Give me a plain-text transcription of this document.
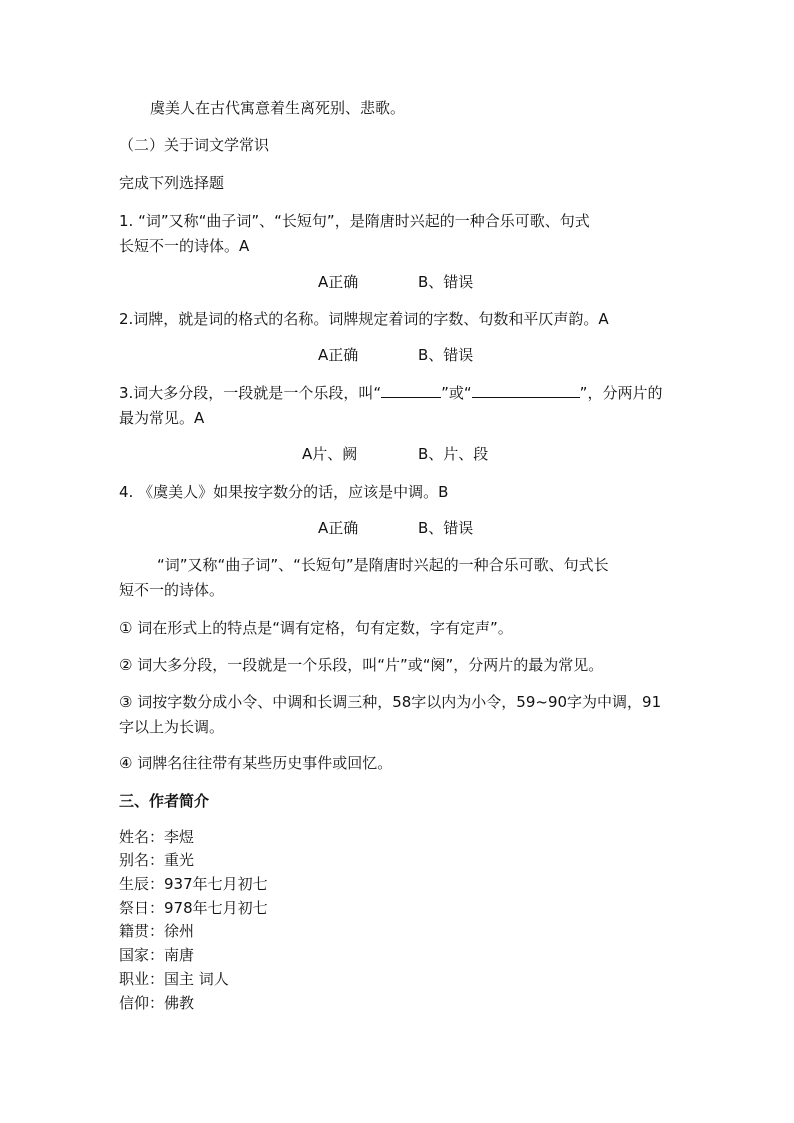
虞美人在古代寓意着生离死别、悲歌。
（二）关于词文学常识
完成下列选择题
1. “词”又称“曲子词”、“长短句”，是隋唐时兴起的一种合乐可歌、句式
长短不一的诗体。A
A正确	B、错误
2.词牌，就是词的格式的名称。词牌规定着词的字数、句数和平仄声韵。A
A正确	B、错误
3.词大多分段，一段就是一个乐段，叫“	”或“	”，分两片的
最为常见。A
A片、阙	B、片、段
4. 《虞美人》如果按字数分的话，应该是中调。B
A正确	B、错误
“词”又称“曲子词”、“长短句”是隋唐时兴起的一种合乐可歌、句式长
短不一的诗体。
① 词在形式上的特点是“调有定格，句有定数，字有定声”。
② 词大多分段，一段就是一个乐段，叫“片”或“阕”，分两片的最为常见。
③ 词按字数分成小令、中调和长调三种，58字以内为小令，59~90字为中调，91
字以上为长调。
④ 词牌名往往带有某些历史事件或回忆。
三、作者简介
姓名：李煜
别名：重光
生辰：937年七月初七
祭日：978年七月初七
籍贯：徐州
国家：南唐
职业：国主 词人
信仰：佛教
